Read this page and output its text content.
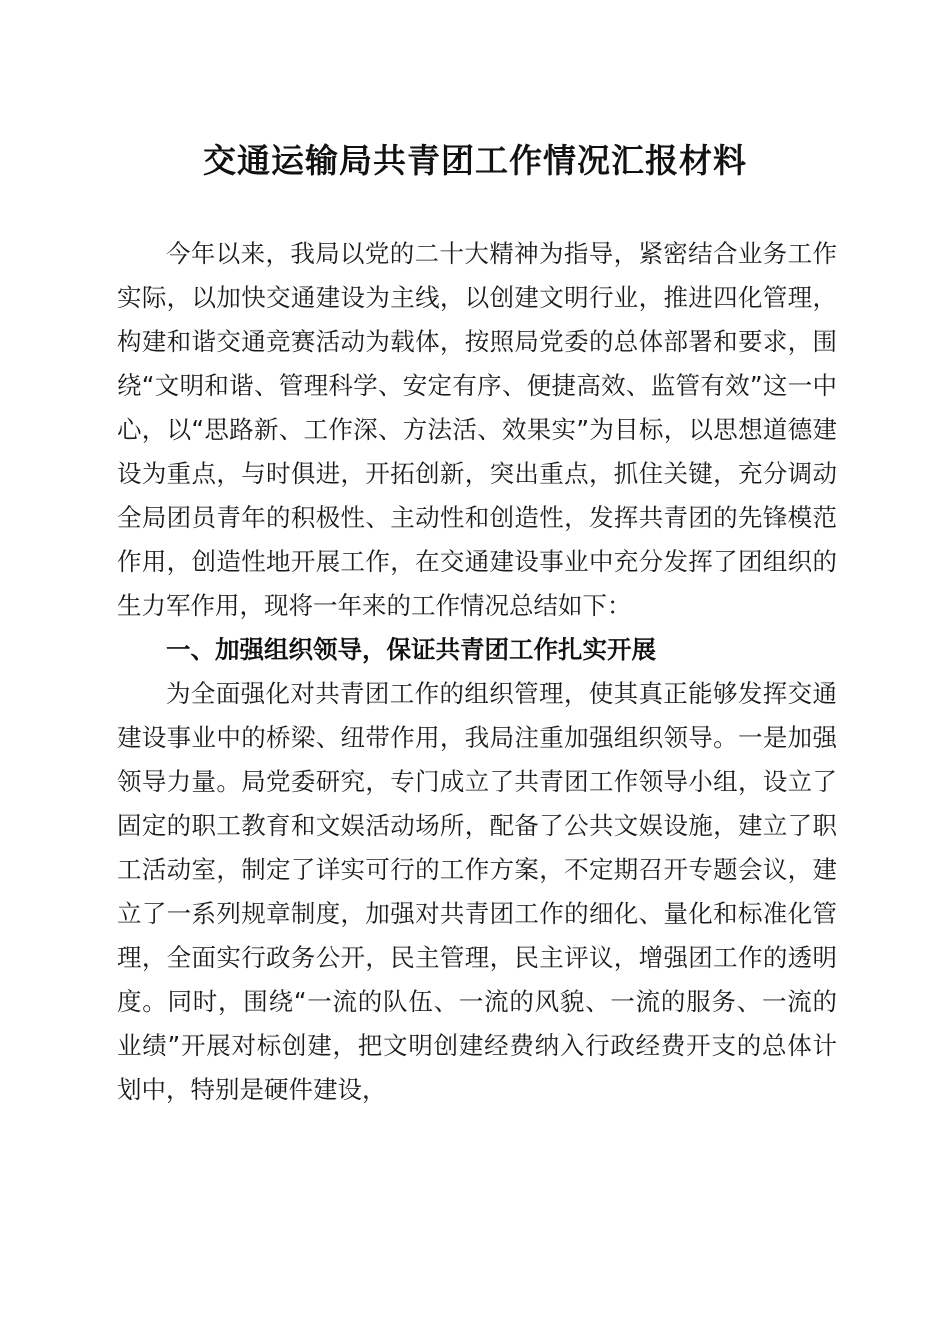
交通运输局共青团工作情况汇报材料

今年以来，我局以党的二十大精神为指导，紧密结合业务工作实际，以加快交通建设为主线，以创建文明行业，推进四化管理，构建和谐交通竞赛活动为载体，按照局党委的总体部署和要求，围绕“文明和谐、管理科学、安定有序、便捷高效、监管有效”这一中心，以“思路新、工作深、方法活、效果实”为目标，以思想道德建设为重点，与时俱进，开拓创新，突出重点，抓住关键，充分调动全局团员青年的积极性、主动性和创造性，发挥共青团的先锋模范作用，创造性地开展工作，在交通建设事业中充分发挥了团组织的生力军作用，现将一年来的工作情况总结如下：

一、加强组织领导，保证共青团工作扎实开展

为全面强化对共青团工作的组织管理，使其真正能够发挥交通建设事业中的桥梁、纽带作用，我局注重加强组织领导。一是加强领导力量。局党委研究，专门成立了共青团工作领导小组，设立了固定的职工教育和文娱活动场所，配备了公共文娱设施，建立了职工活动室，制定了详实可行的工作方案，不定期召开专题会议，建立了一系列规章制度，加强对共青团工作的细化、量化和标准化管理，全面实行政务公开，民主管理，民主评议，增强团工作的透明度。同时，围绕“一流的队伍、一流的风貌、一流的服务、一流的业绩”开展对标创建，把文明创建经费纳入行政经费开支的总体计划中，特别是硬件建设，
